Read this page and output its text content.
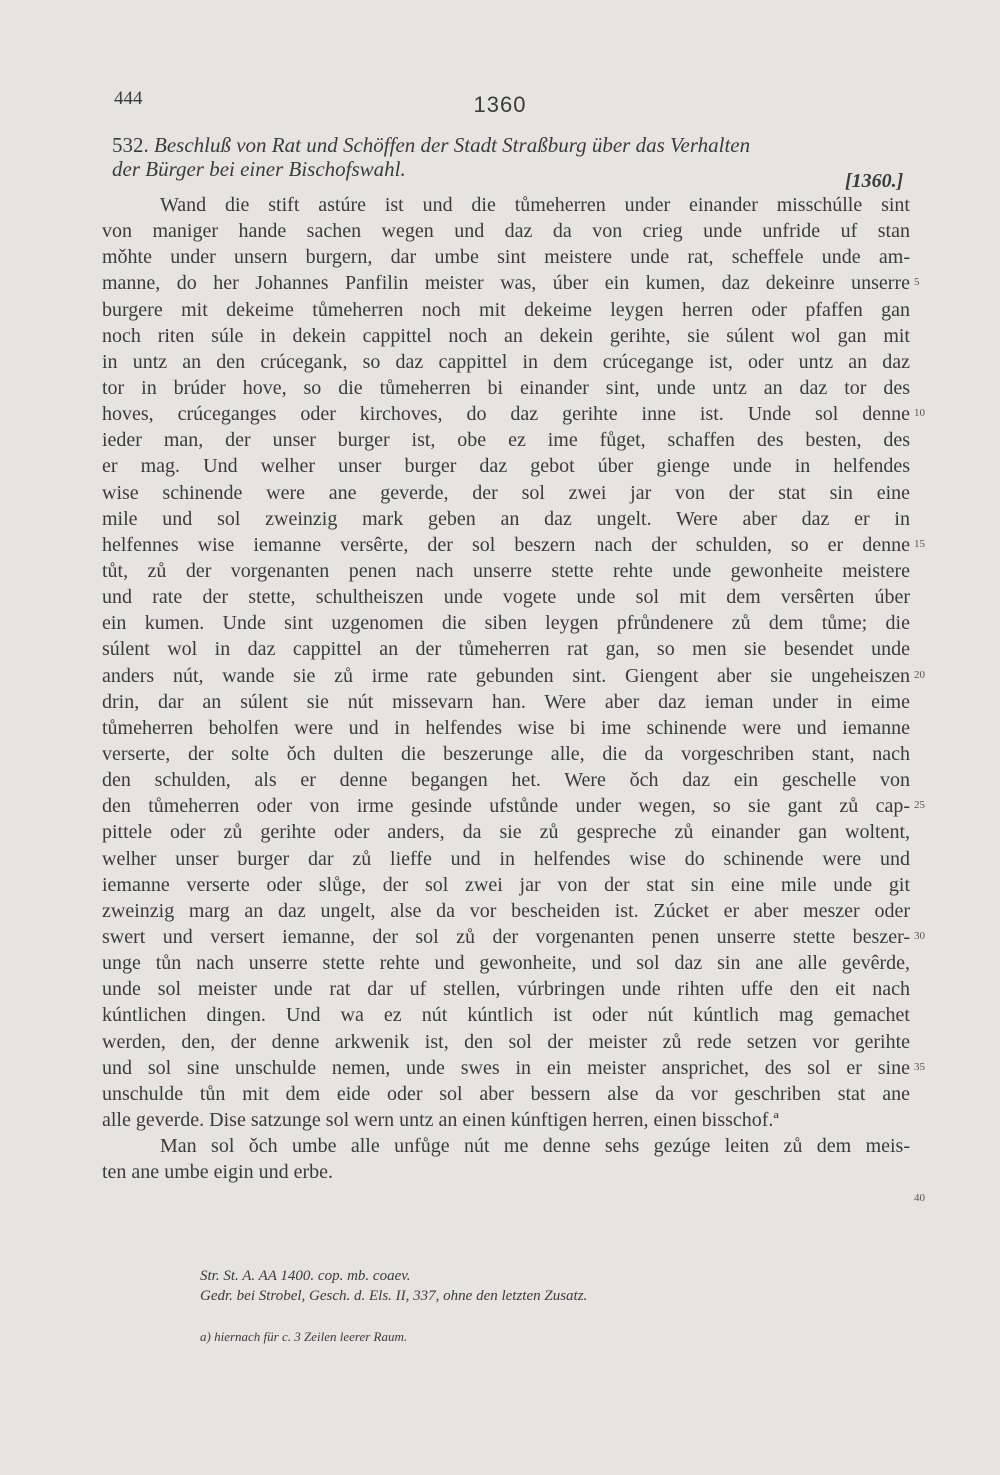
444	1360
532. Beschluß von Rat und Schöffen der Stadt Straßburg über das Verhalten
der Bürger bei einer Bischofswahl.	[1360.]
Wand die stift astúre ist und die tůmeherren under einander misschúlle sint
von maniger hande sachen wegen und daz da von crieg unde unfride uf stan
mǒhte under unsern burgern, dar umbe sint meistere unde rat, scheffele unde am-
manne, do her Johannes Panfilin meister was, úber ein kumen, daz dekeinre unserre
burgere mit dekeime tůmeherren noch mit dekeime leygen herren oder pfaffen gan
noch riten súle in dekein cappittel noch an dekein gerihte, sie súlent wol gan mit
in untz an den crúcegank, so daz cappittel in dem crúcegange ist, oder untz an daz
tor in brúder hove, so die tůmeherren bi einander sint, unde untz an daz tor des
hoves, crúceganges oder kirchoves, do daz gerihte inne ist. Unde sol denne
ieder man, der unser burger ist, obe ez ime fůget, schaffen des besten, des
er mag. Und welher unser burger daz gebot úber gienge unde in helfendes
wise schinende were ane geverde, der sol zwei jar von der stat sin eine
mile und sol zweinzig mark geben an daz ungelt. Were aber daz er in
helfennes wise iemanne versêrte, der sol beszern nach der schulden, so er denne
tůt, zů der vorgenanten penen nach unserre stette rehte unde gewonheite meistere
und rate der stette, schultheiszen unde vogete unde sol mit dem versêrten úber
ein kumen. Unde sint uzgenomen die siben leygen pfrůndenere zů dem tůme; die
súlent wol in daz cappittel an der tůmeherren rat gan, so men sie besendet unde
anders nút, wande sie zů irme rate gebunden sint. Giengent aber sie ungeheiszen
drin, dar an súlent sie nút missevarn han. Were aber daz ieman under in eime
tůmeherren beholfen were und in helfendes wise bi ime schinende were und iemanne
verserte, der solte ǒch dulten die beszerunge alle, die da vorgeschriben stant, nach
den schulden, als er denne begangen het. Were ǒch daz ein geschelle von
den tůmeherren oder von irme gesinde ufstůnde under wegen, so sie gant zů cap-
pittele oder zů gerihte oder anders, da sie zů gespreche zů einander gan woltent,
welher unser burger dar zů lieffe und in helfendes wise do schinende were und
iemanne verserte oder slůge, der sol zwei jar von der stat sin eine mile unde git
zweinzig marg an daz ungelt, alse da vor bescheiden ist. Zúcket er aber meszer oder
swert und versert iemanne, der sol zů der vorgenanten penen unserre stette beszer-
unge tůn nach unserre stette rehte und gewonheite, und sol daz sin ane alle gevêrde,
unde sol meister unde rat dar uf stellen, vúrbringen unde rihten uffe den eit nach
kúntlichen dingen. Und wa ez nút kúntlich ist oder nút kúntlich mag gemachet
werden, den, der denne arkwenik ist, den sol der meister zů rede setzen vor gerihte
und sol sine unschulde nemen, unde swes in ein meister ansprichet, des sol er sine
unschulde tůn mit dem eide oder sol aber bessern alse da vor geschriben stat ane
alle geverde. Dise satzunge sol wern untz an einen kúnftigen herren, einen bisschof.ª
Man sol ǒch umbe alle unfůge nút me denne sehs gezúge leiten zů dem meis-
ten ane umbe eigin und erbe.
5
10
15
20
25
30
35
40
Str. St. A. AA 1400. cop. mb. coaev.
Gedr. bei Strobel, Gesch. d. Els. II, 337, ohne den letzten Zusatz.
a) hiernach für c. 3 Zeilen leerer Raum.
